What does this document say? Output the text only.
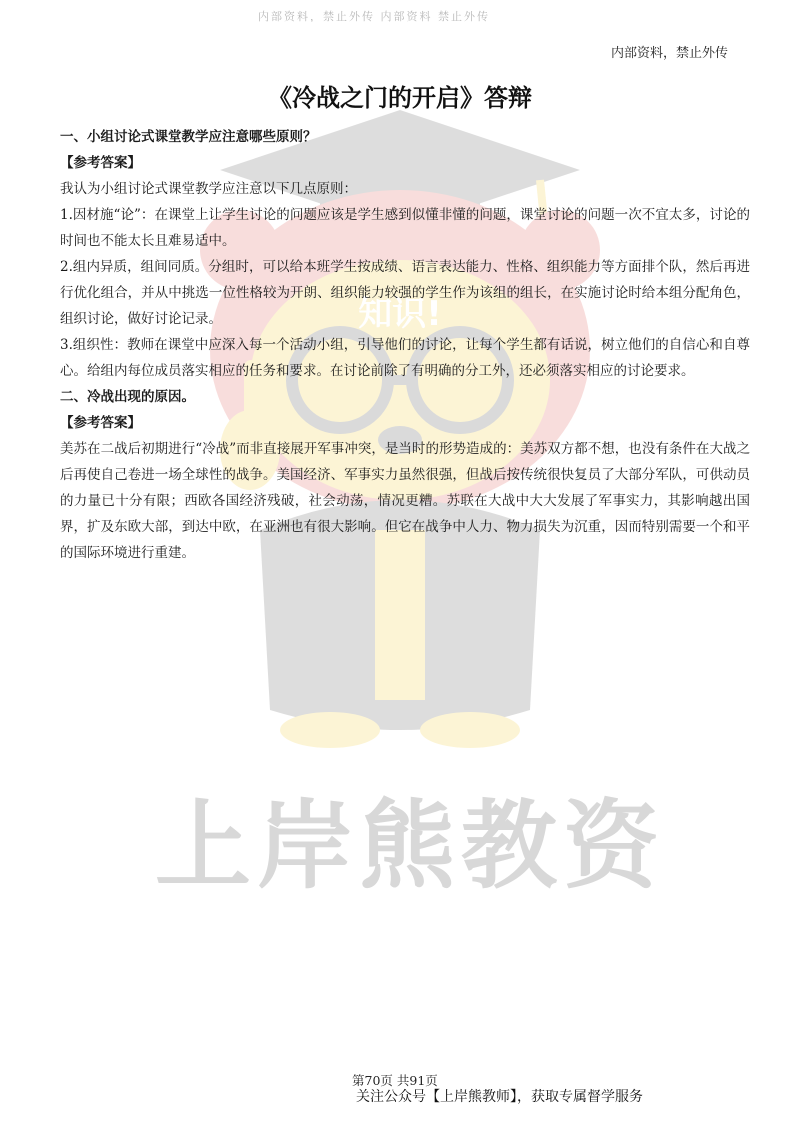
知识!
上岸熊教资
内部资料，禁止外传 内部资料 禁止外传
内部资料，禁止外传
《冷战之门的开启》答辩

一、小组讨论式课堂教学应注意哪些原则？

【参考答案】

我认为小组讨论式课堂教学应注意以下几点原则：

1.因材施“论”：在课堂上让学生讨论的问题应该是学生感到似懂非懂的问题，课堂讨论的问题一次不宜太多，讨论的时间也不能太长且难易适中。

2.组内异质，组间同质。分组时，可以给本班学生按成绩、语言表达能力、性格、组织能力等方面排个队，然后再进行优化组合，并从中挑选一位性格较为开朗、组织能力较强的学生作为该组的组长，在实施讨论时给本组分配角色，组织讨论，做好讨论记录。

3.组织性：教师在课堂中应深入每一个活动小组，引导他们的讨论，让每个学生都有话说，树立他们的自信心和自尊心。给组内每位成员落实相应的任务和要求。在讨论前除了有明确的分工外，还必须落实相应的讨论要求。

二、冷战出现的原因。

【参考答案】

美苏在二战后初期进行“冷战”而非直接展开军事冲突，是当时的形势造成的：美苏双方都不想，也没有条件在大战之后再使自己卷进一场全球性的战争。美国经济、军事实力虽然很强，但战后按传统很快复员了大部分军队，可供动员的力量已十分有限；西欧各国经济残破，社会动荡，情况更糟。苏联在大战中大大发展了军事实力，其影响越出国界，扩及东欧大部，到达中欧，在亚洲也有很大影响。但它在战争中人力、物力损失为沉重，因而特别需要一个和平的国际环境进行重建。

第70页 共91页
关注公众号【上岸熊教师】，获取专属督学服务
